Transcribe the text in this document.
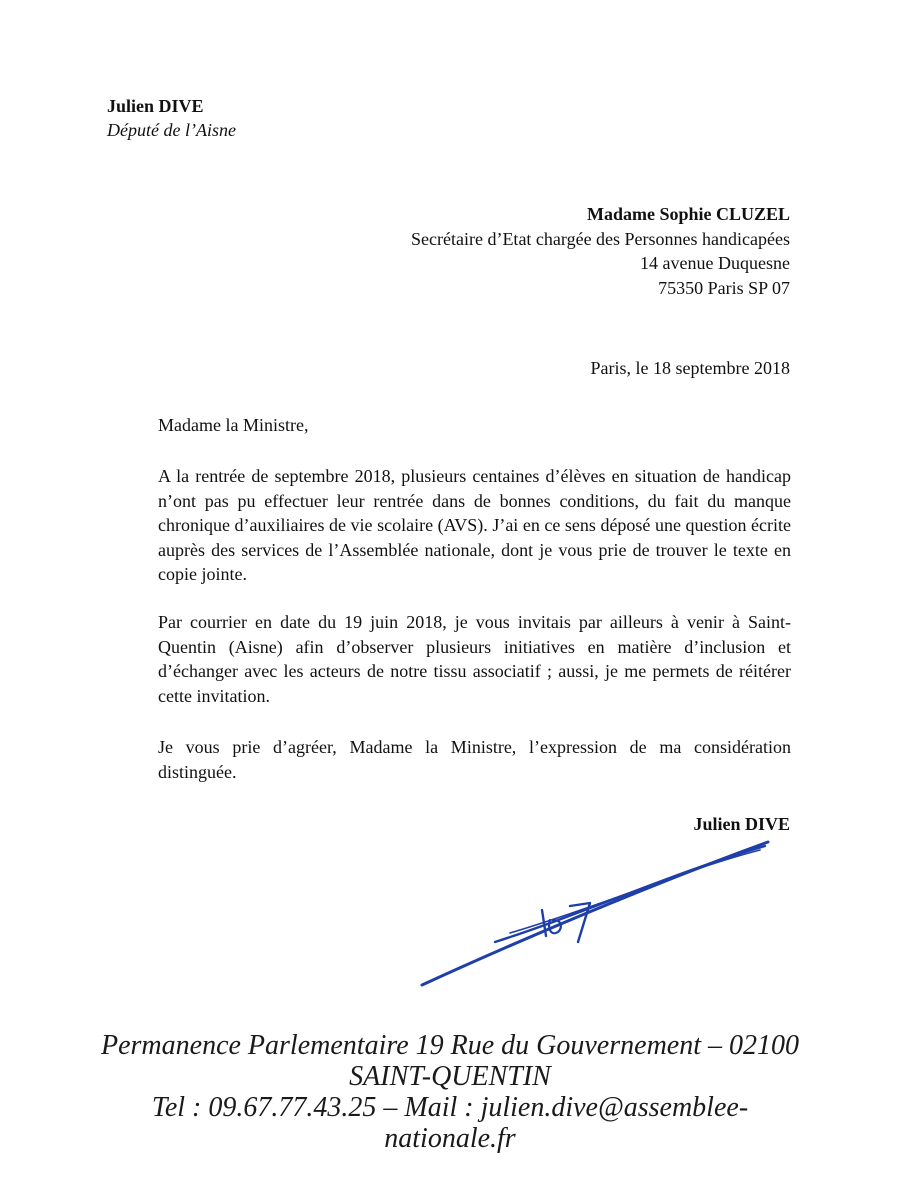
Julien DIVE
Député de l’Aisne
Madame Sophie CLUZEL
Secrétaire d’Etat chargée des Personnes handicapées
14 avenue Duquesne
75350 Paris SP 07
Paris, le 18 septembre 2018

Madame la Ministre,

A la rentrée de septembre 2018, plusieurs centaines d’élèves en situation de handicap n’ont pas pu effectuer leur rentrée dans de bonnes conditions, du fait du manque chronique d’auxiliaires de vie scolaire (AVS). J’ai en ce sens déposé une question écrite auprès des services de l’Assemblée nationale, dont je vous prie de trouver le texte en copie jointe.

Par courrier en date du 19 juin 2018, je vous invitais par ailleurs à venir à Saint-Quentin (Aisne) afin d’observer plusieurs initiatives en matière d’inclusion et d’échanger avec les acteurs de notre tissu associatif ; aussi, je me permets de réitérer cette invitation.

Je vous prie d’agréer, Madame la Ministre, l’expression de ma considération distinguée.

Julien DIVE
Permanence Parlementaire 19 Rue du Gouvernement – 02100
SAINT-QUENTIN
Tel : 09.67.77.43.25 – Mail : julien.dive@assemblee-
nationale.fr
